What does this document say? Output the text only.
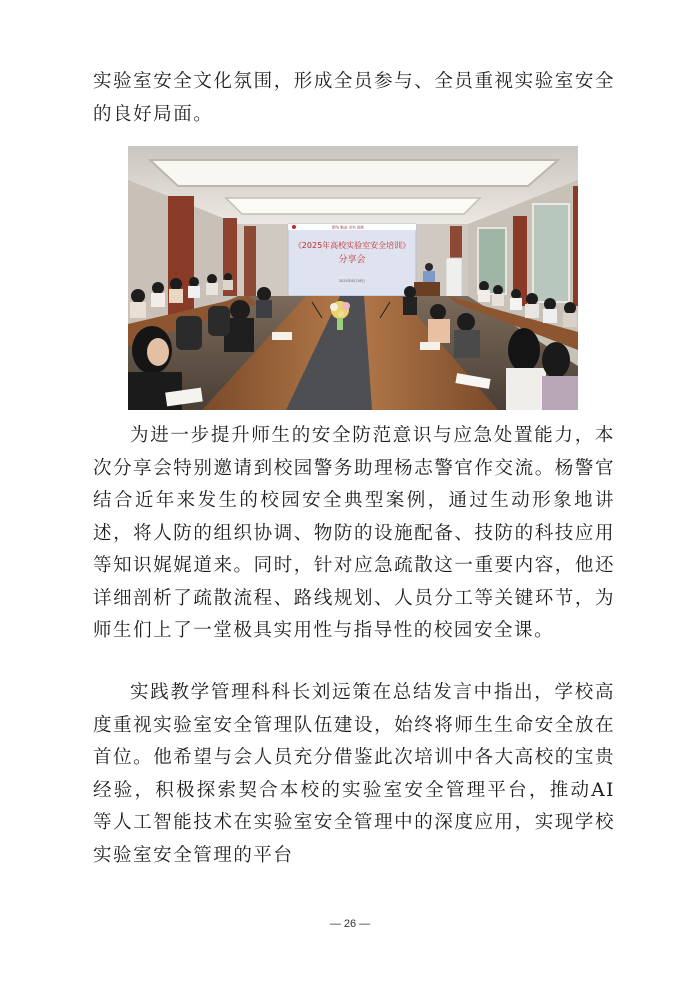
实验室安全文化氛围，形成全员参与、全员重视实验室安全的良好局面。

团结 勤奋 求实 创新
《2025年高校实验室安全培训》
分享会
2025年8月18日

为进一步提升师生的安全防范意识与应急处置能力，本次分享会特别邀请到校园警务助理杨志警官作交流。杨警官结合近年来发生的校园安全典型案例，通过生动形象地讲述，将人防的组织协调、物防的设施配备、技防的科技应用等知识娓娓道来。同时，针对应急疏散这一重要内容，他还详细剖析了疏散流程、路线规划、人员分工等关键环节，为师生们上了一堂极具实用性与指导性的校园安全课。

实践教学管理科科长刘远策在总结发言中指出，学校高度重视实验室安全管理队伍建设，始终将师生生命安全放在首位。他希望与会人员充分借鉴此次培训中各大高校的宝贵经验，积极探索契合本校的实验室安全管理平台，推动AI等人工智能技术在实验室安全管理中的深度应用，实现学校实验室安全管理的平台

— 26 —
